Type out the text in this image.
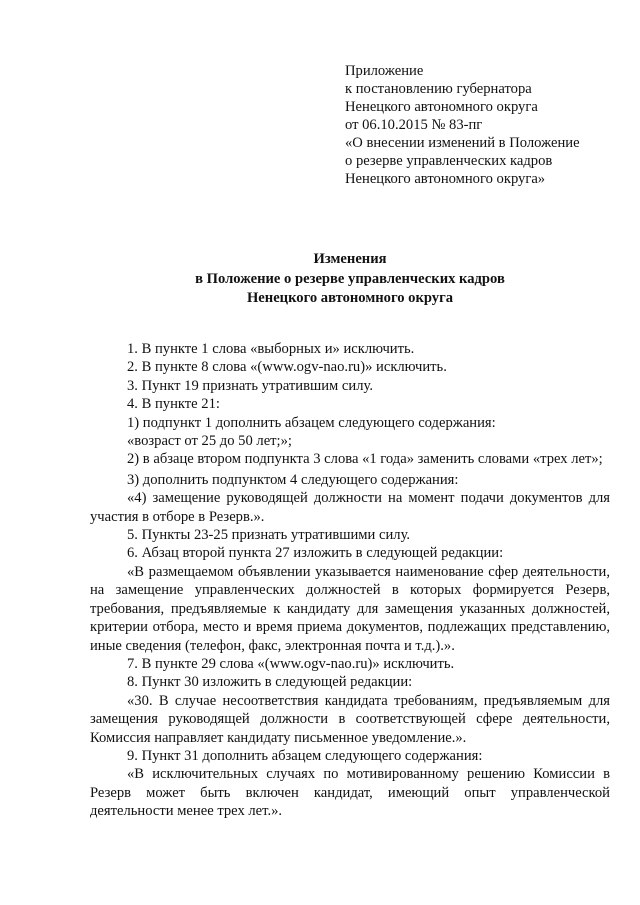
Приложение
к постановлению губернатора
Ненецкого автономного округа
от 06.10.2015 № 83-пг
«О внесении изменений в Положение
о резерве управленческих кадров
Ненецкого автономного округа»
Изменения
в Положение о резерве управленческих кадров
Ненецкого автономного округа

1. В пункте 1 слова «выборных и» исключить.

2. В пункте 8 слова «(www.ogv-nao.ru)» исключить.

3. Пункт 19 признать утратившим силу.

4. В пункте 21:

1) подпункт 1 дополнить абзацем следующего содержания:

«возраст от 25 до 50 лет;»;

2) в абзаце втором подпункта 3 слова «1 года» заменить словами «трех лет»;

3) дополнить подпунктом 4 следующего содержания:

«4) замещение руководящей должности на момент подачи документов для участия в отборе в Резерв.».

5. Пункты 23-25 признать утратившими силу.

6. Абзац второй пункта 27 изложить в следующей редакции:

«В размещаемом объявлении указывается наименование сфер деятельности, на замещение управленческих должностей в которых формируется Резерв, требования, предъявляемые к кандидату для замещения указанных должностей, критерии отбора, место и время приема документов, подлежащих представлению, иные сведения (телефон, факс, электронная почта и т.д.).».

7. В пункте 29 слова «(www.ogv-nao.ru)» исключить.

8. Пункт 30 изложить в следующей редакции:

«30. В случае несоответствия кандидата требованиям, предъявляемым для замещения руководящей должности в соответствующей сфере деятельности, Комиссия направляет кандидату письменное уведомление.».

9. Пункт 31 дополнить абзацем следующего содержания:

«В исключительных случаях по мотивированному решению Комиссии в Резерв может быть включен кандидат, имеющий опыт управленческой деятельности менее трех лет.».
